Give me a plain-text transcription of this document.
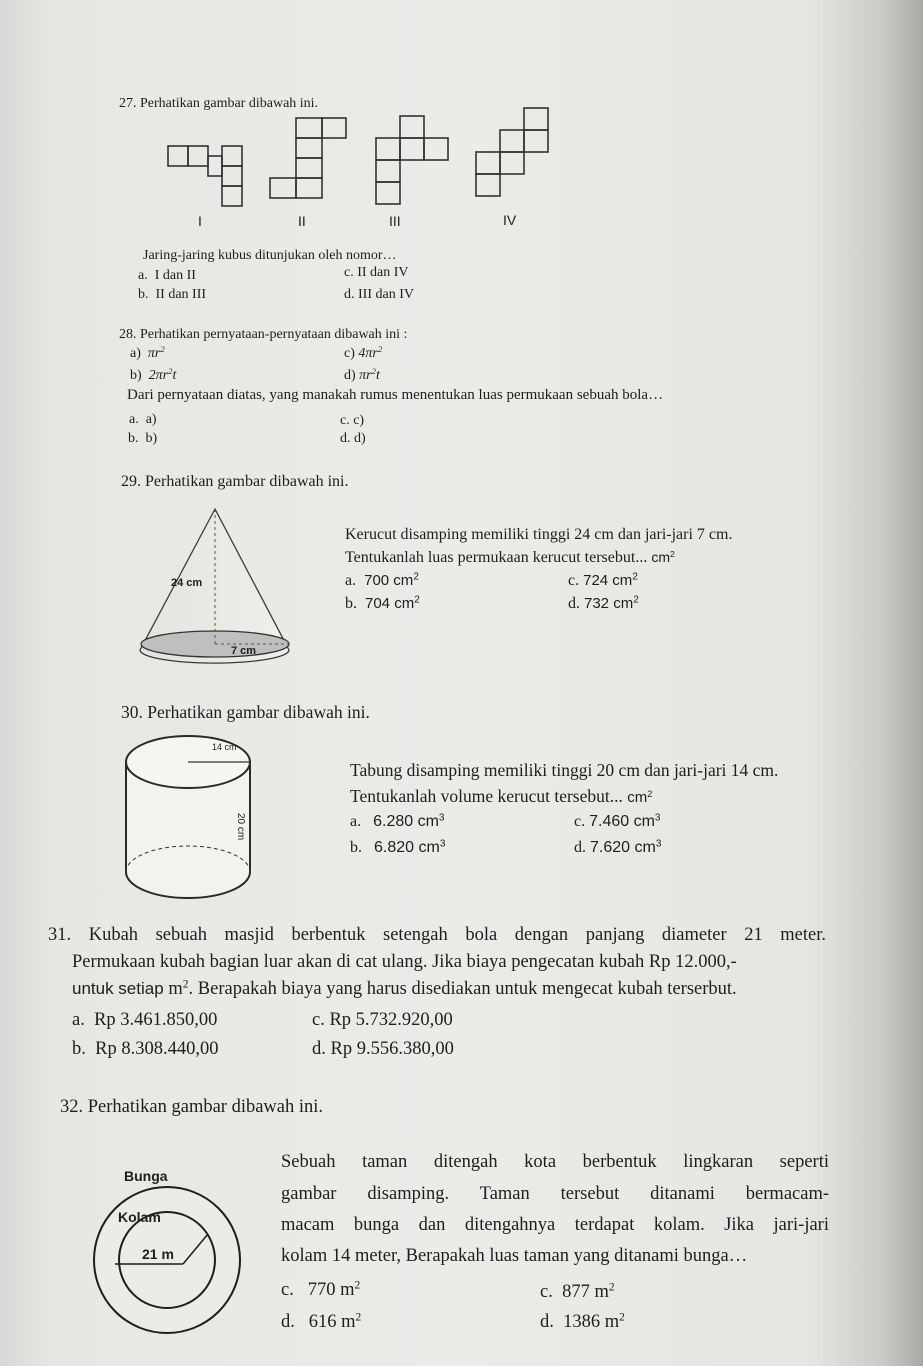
27. Perhatikan gambar dibawah ini.
I	II	III	IV
Jaring-jaring kubus ditunjukan oleh nomor…
a. I dan II	c. II dan IV
b. II dan III	d. III dan IV
28. Perhatikan pernyataan-pernyataan dibawah ini :
a) $\pi r^2$	c) $4\pi r^2$
b) $2\pi r^2t$	d) $\pi r^2t$
Dari pernyataan diatas, yang manakah rumus menentukan luas permukaan sebuah bola…
a. a)	c. c)
b. b)	d. d)
29. Perhatikan gambar dibawah ini.
24 cm
7 cm
Kerucut disamping memiliki tinggi 24 cm dan jari-jari 7 cm.
Tentukanlah luas permukaan kerucut tersebut... $cm^2$
a. 700 $cm^2$	c. 724 $cm^2$
b. 704 $cm^2$	d. 732 $cm^2$
30. Perhatikan gambar dibawah ini.
14 cm
20 cm
Tabung disamping memiliki tinggi 20 cm dan jari-jari 14 cm.
Tentukanlah volume kerucut tersebut... $cm^2$
a. 6.280 $cm^3$	c. 7.460 $cm^3$
b. 6.820 $cm^3$	d. 7.620 $cm^3$
31. Kubah sebuah masjid berbentuk setengah bola dengan panjang diameter 21 meter.
Permukaan kubah bagian luar akan di cat ulang. Jika biaya pengecatan kubah Rp 12.000,-
untuk setiap $m^2$. Berapakah biaya yang harus disediakan untuk mengecat kubah terserbut.
a. Rp 3.461.850,00	c. Rp 5.732.920,00
b. Rp 8.308.440,00	d. Rp 9.556.380,00
32. Perhatikan gambar dibawah ini.
Bunga
Kolam
21 m
Sebuah taman ditengah kota berbentuk lingkaran seperti
gambar disamping. Taman tersebut ditanami bermacam-
macam bunga dan ditengahnya terdapat kolam. Jika jari-jari
kolam 14 meter, Berapakah luas taman yang ditanami bunga…
c. 770 $m^2$	c. 877 $m^2$
d. 616 $m^2$	d. 1386 $m^2$
